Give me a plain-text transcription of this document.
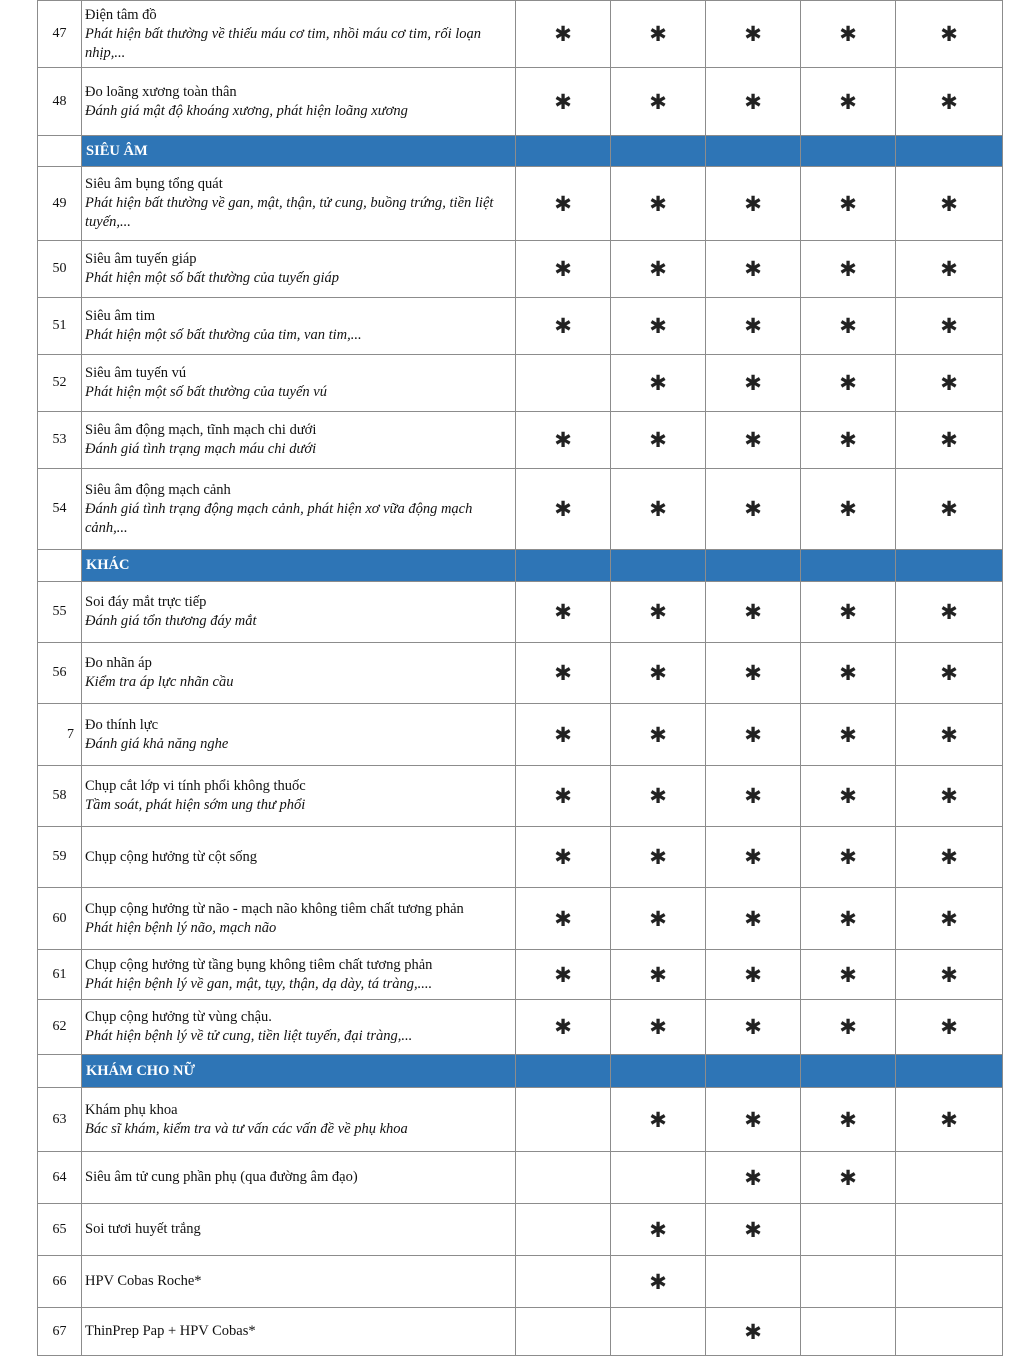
47	Điện tâm đồ
Phát hiện bất thường về thiếu máu cơ tim, nhồi máu cơ tim, rối loạn nhịp,...	✱	✱	✱	✱	✱
48	Đo loãng xương toàn thân
Đánh giá mật độ khoáng xương, phát hiện loãng xương	✱	✱	✱	✱	✱
	SIÊU ÂM					
49	Siêu âm bụng tổng quát
Phát hiện bất thường về gan, mật, thận, tử cung, buồng trứng, tiền liệt tuyến,...	✱	✱	✱	✱	✱
50	Siêu âm tuyến giáp
Phát hiện một số bất thường của tuyến giáp	✱	✱	✱	✱	✱
51	Siêu âm tim
Phát hiện một số bất thường của tim, van tim,...	✱	✱	✱	✱	✱
52	Siêu âm tuyến vú
Phát hiện một số bất thường của tuyến vú		✱	✱	✱	✱
53	Siêu âm động mạch, tĩnh mạch chi dưới
Đánh giá tình trạng mạch máu chi dưới	✱	✱	✱	✱	✱
54	Siêu âm động mạch cảnh
Đánh giá tình trạng động mạch cảnh, phát hiện xơ vữa động mạch cảnh,...	✱	✱	✱	✱	✱
	KHÁC					
55	Soi đáy mắt trực tiếp
Đánh giá tổn thương đáy mắt	✱	✱	✱	✱	✱
56	Đo nhãn áp
Kiểm tra áp lực nhãn cầu	✱	✱	✱	✱	✱
7	Đo thính lực
Đánh giá khả năng nghe	✱	✱	✱	✱	✱
58	Chụp cắt lớp vi tính phổi không thuốc
Tầm soát, phát hiện sớm ung thư phổi	✱	✱	✱	✱	✱
59	Chụp cộng hưởng từ cột sống	✱	✱	✱	✱	✱
60	Chụp cộng hưởng từ não - mạch não không tiêm chất tương phản
Phát hiện bệnh lý não, mạch não	✱	✱	✱	✱	✱
61	Chụp cộng hưởng từ tầng bụng không tiêm chất tương phản
Phát hiện bệnh lý về gan, mật, tụy, thận, dạ dày, tá tràng,....	✱	✱	✱	✱	✱
62	Chụp cộng hưởng từ vùng chậu.
Phát hiện bệnh lý về tử cung, tiền liệt tuyến, đại tràng,...	✱	✱	✱	✱	✱
	KHÁM CHO NỮ					
63	Khám phụ khoa
Bác sĩ khám, kiểm tra và tư vấn các vấn đề về phụ khoa		✱	✱	✱	✱
64	Siêu âm tử cung phần phụ (qua đường âm đạo)			✱	✱	
65	Soi tươi huyết trắng		✱	✱		
66	HPV Cobas Roche*		✱			
67	ThinPrep Pap + HPV Cobas*			✱		
